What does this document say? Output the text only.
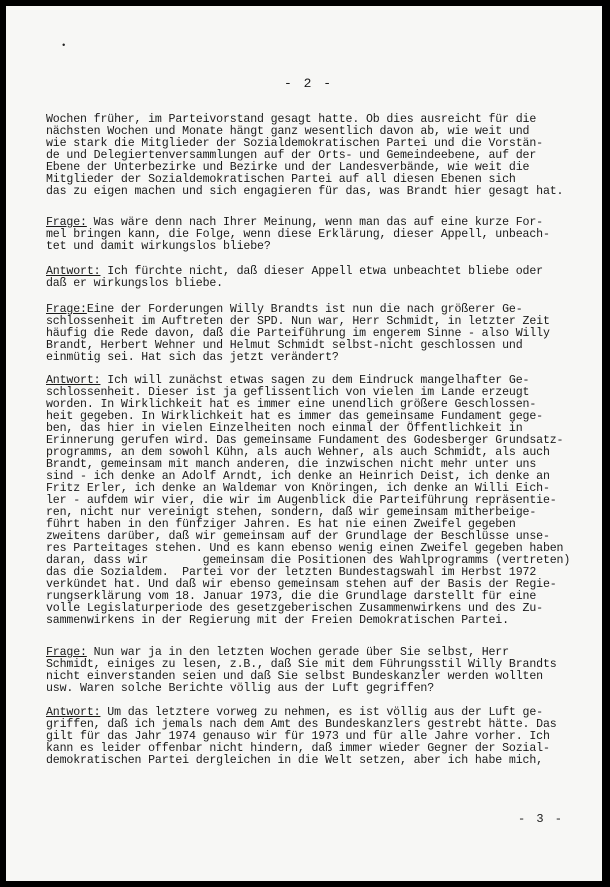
•
- 2 -
Wochen früher, im Parteivorstand gesagt hatte. Ob dies ausreicht für die
nächsten Wochen und Monate hängt ganz wesentlich davon ab, wie weit und
wie stark die Mitglieder der Sozialdemokratischen Partei und die Vorstän-
de und Delegiertenversammlungen auf der Orts- und Gemeindeebene, auf der
Ebene der Unterbezirke und Bezirke und der Landesverbände, wie weit die
Mitglieder der Sozialdemokratischen Partei auf all diesen Ebenen sich
das zu eigen machen und sich engagieren für das, was Brandt hier gesagt hat.
Frage: Was wäre denn nach Ihrer Meinung, wenn man das auf eine kurze For-
mel bringen kann, die Folge, wenn diese Erklärung, dieser Appell, unbeach-
tet und damit wirkungslos bliebe?
Antwort: Ich fürchte nicht, daß dieser Appell etwa unbeachtet bliebe oder
daß er wirkungslos bliebe.
Frage:Eine der Forderungen Willy Brandts ist nun die nach größerer Ge-
schlossenheit im Auftreten der SPD. Nun war, Herr Schmidt, in letzter Zeit
häufig die Rede davon, daß die Parteiführung im engerem Sinne - also Willy
Brandt, Herbert Wehner und Helmut Schmidt selbst-nicht geschlossen und
einmütig sei. Hat sich das jetzt verändert?
Antwort: Ich will zunächst etwas sagen zu dem Eindruck mangelhafter Ge-
schlossenheit. Dieser ist ja geflissentlich von vielen im Lande erzeugt
worden. In Wirklichkeit hat es immer eine unendlich größere Geschlossen-
heit gegeben. In Wirklichkeit hat es immer das gemeinsame Fundament gege-
ben, das hier in vielen Einzelheiten noch einmal der Öffentlichkeit in
Erinnerung gerufen wird. Das gemeinsame Fundament des Godesberger Grundsatz-
programms, an dem sowohl Kühn, als auch Wehner, als auch Schmidt, als auch
Brandt, gemeinsam mit manch anderen, die inzwischen nicht mehr unter uns
sind - ich denke an Adolf Arndt, ich denke an Heinrich Deist, ich denke an
Fritz Erler, ich denke an Waldemar von Knöringen, ich denke an Willi Eich-
ler - aufdem wir vier, die wir im Augenblick die Parteiführung repräsentie-
ren, nicht nur vereinigt stehen, sondern, daß wir gemeinsam mitherbeige-
führt haben in den fünfziger Jahren. Es hat nie einen Zweifel gegeben
zweitens darüber, daß wir gemeinsam auf der Grundlage der Beschlüsse unse-
res Parteitages stehen. Und es kann ebenso wenig einen Zweifel gegeben haben
daran, dass wir        gemeinsam die Positionen des Wahlprogramms (vertreten)
das die Sozialdem.  Partei vor der letzten Bundestagswahl im Herbst 1972
verkündet hat. Und daß wir ebenso gemeinsam stehen auf der Basis der Regie-
rungserklärung vom 18. Januar 1973, die die Grundlage darstellt für eine
volle Legislaturperiode des gesetzgeberischen Zusammenwirkens und des Zu-
sammenwirkens in der Regierung mit der Freien Demokratischen Partei.
Frage: Nun war ja in den letzten Wochen gerade über Sie selbst, Herr
Schmidt, einiges zu lesen, z.B., daß Sie mit dem Führungsstil Willy Brandts
nicht einverstanden seien und daß Sie selbst Bundeskanzler werden wollten
usw. Waren solche Berichte völlig aus der Luft gegriffen?
Antwort: Um das letztere vorweg zu nehmen, es ist völlig aus der Luft ge-
griffen, daß ich jemals nach dem Amt des Bundeskanzlers gestrebt hätte. Das
gilt für das Jahr 1974 genauso wir für 1973 und für alle Jahre vorher. Ich
kann es leider offenbar nicht hindern, daß immer wieder Gegner der Sozial-
demokratischen Partei dergleichen in die Welt setzen, aber ich habe mich,
- 3 -
